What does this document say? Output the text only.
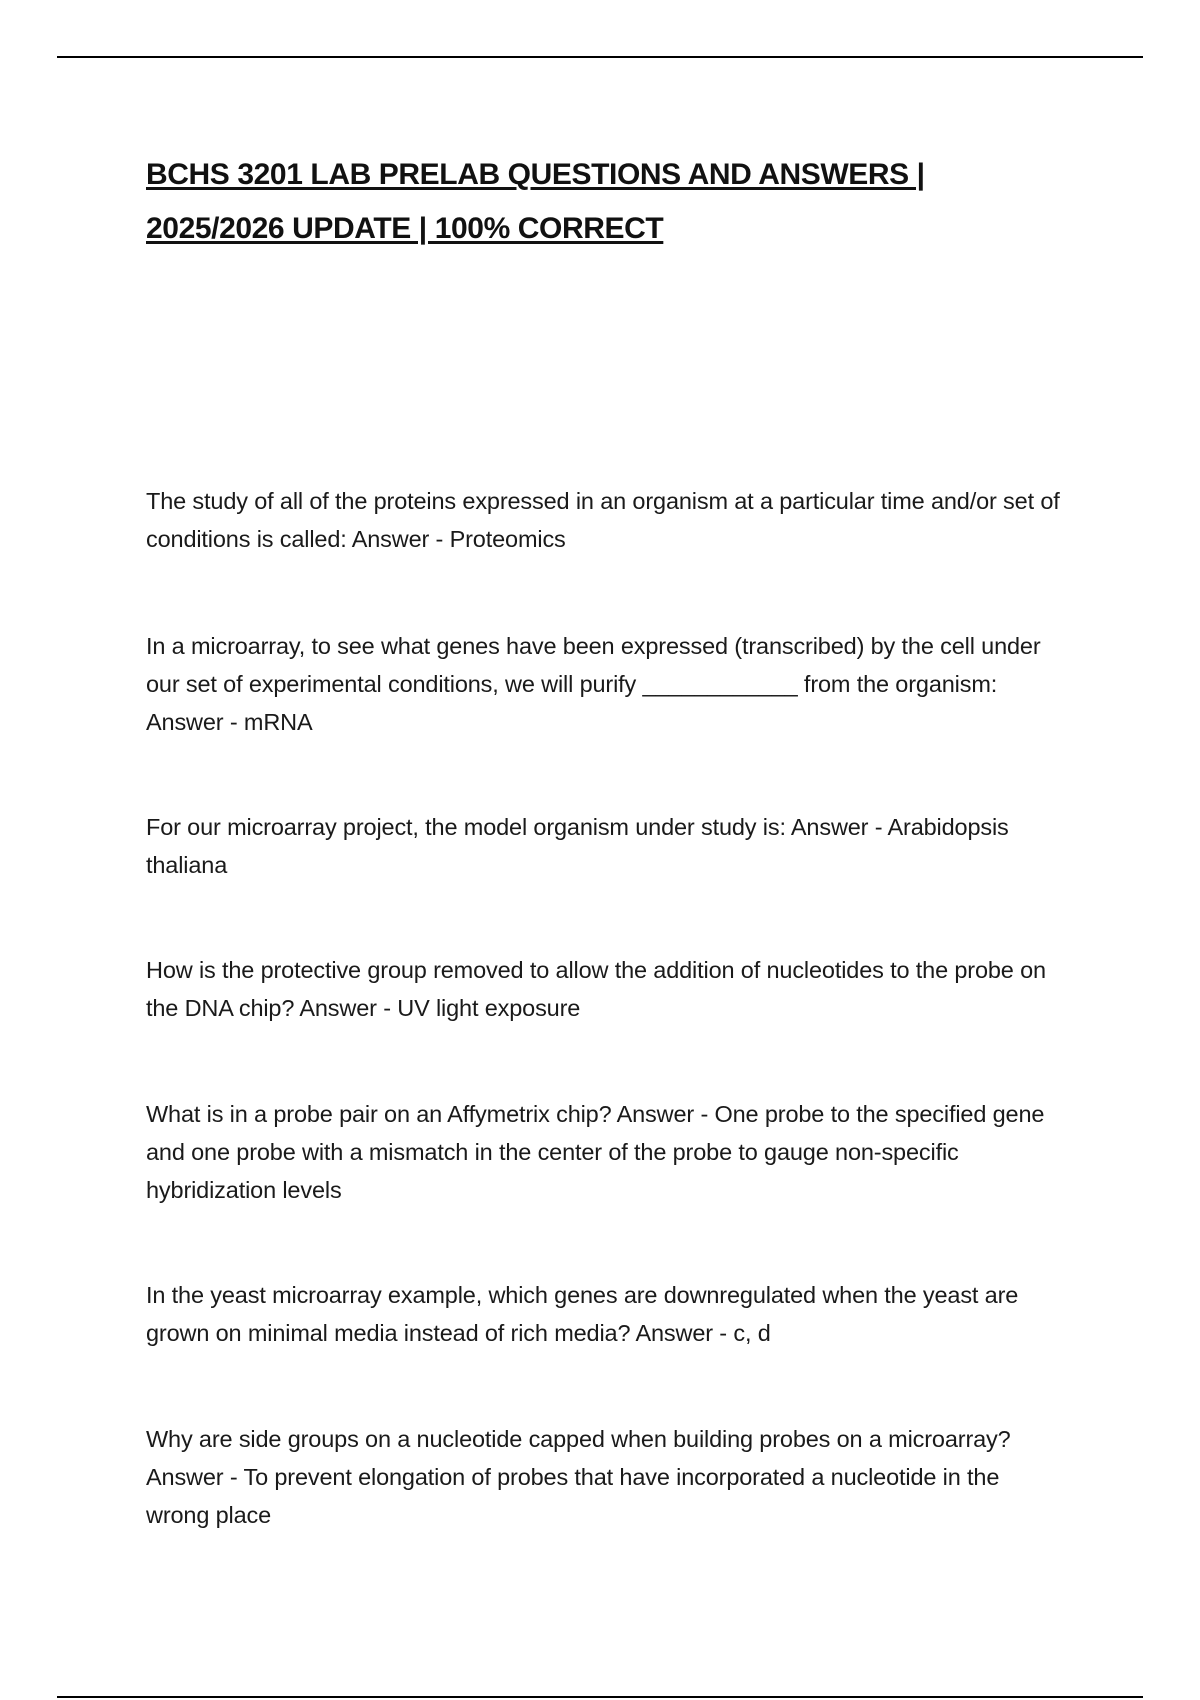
BCHS 3201 LAB PRELAB QUESTIONS AND ANSWERS | 2025/2026 UPDATE | 100% CORRECT

The study of all of the proteins expressed in an organism at a particular time and/or set of conditions is called: Answer - Proteomics

In a microarray, to see what genes have been expressed (transcribed) by the cell under our set of experimental conditions, we will purify ____________ from the organism: Answer - mRNA

For our microarray project, the model organism under study is: Answer - Arabidopsis thaliana

How is the protective group removed to allow the addition of nucleotides to the probe on the DNA chip? Answer - UV light exposure

What is in a probe pair on an Affymetrix chip? Answer - One probe to the specified gene and one probe with a mismatch in the center of the probe to gauge non-specific hybridization levels

In the yeast microarray example, which genes are downregulated when the yeast are grown on minimal media instead of rich media? Answer - c, d

Why are side groups on a nucleotide capped when building probes on a microarray? Answer - To prevent elongation of probes that have incorporated a nucleotide in the wrong place
